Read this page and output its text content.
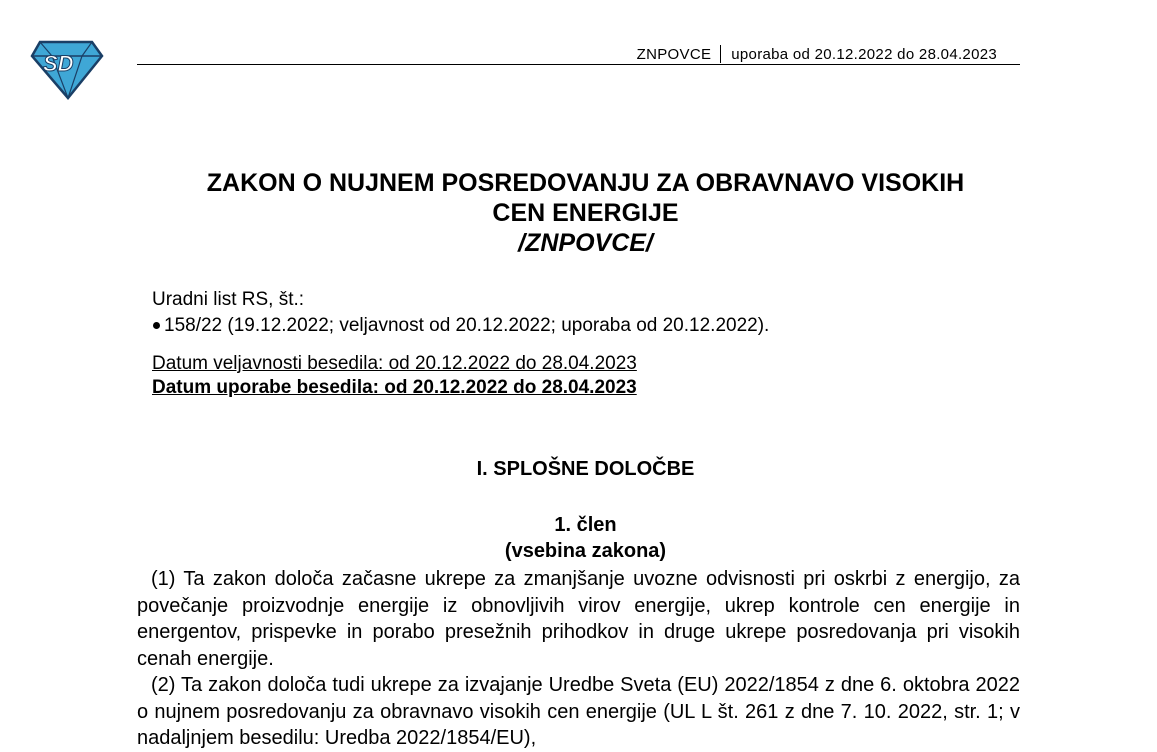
SD	ZNPOVCE uporaba od 20.12.2022 do 28.04.2023
ZAKON O NUJNEM POSREDOVANJU ZA OBRAVNAVO VISOKIH
CEN ENERGIJE
/ZNPOVCE/
Uradni list RS, št.:
158/22 (19.12.2022; veljavnost od 20.12.2022; uporaba od 20.12.2022).
Datum veljavnosti besedila: od 20.12.2022 do 28.04.2023
Datum uporabe besedila: od 20.12.2022 do 28.04.2023
I. SPLOŠNE DOLOČBE
1. člen
(vsebina zakona)
(1) Ta zakon določa začasne ukrepe za zmanjšanje uvozne odvisnosti pri oskrbi z energijo, za povečanje proizvodnje energije iz obnovljivih virov energije, ukrep kontrole cen energije in energentov, prispevke in porabo presežnih prihodkov in druge ukrepe posredovanja pri visokih cenah energije.
(2) Ta zakon določa tudi ukrepe za izvajanje Uredbe Sveta (EU) 2022/1854 z dne 6. oktobra 2022 o nujnem posredovanju za obravnavo visokih cen energije (UL L št. 261 z dne 7. 10. 2022, str. 1; v nadaljnjem besedilu: Uredba 2022/1854/EU),
